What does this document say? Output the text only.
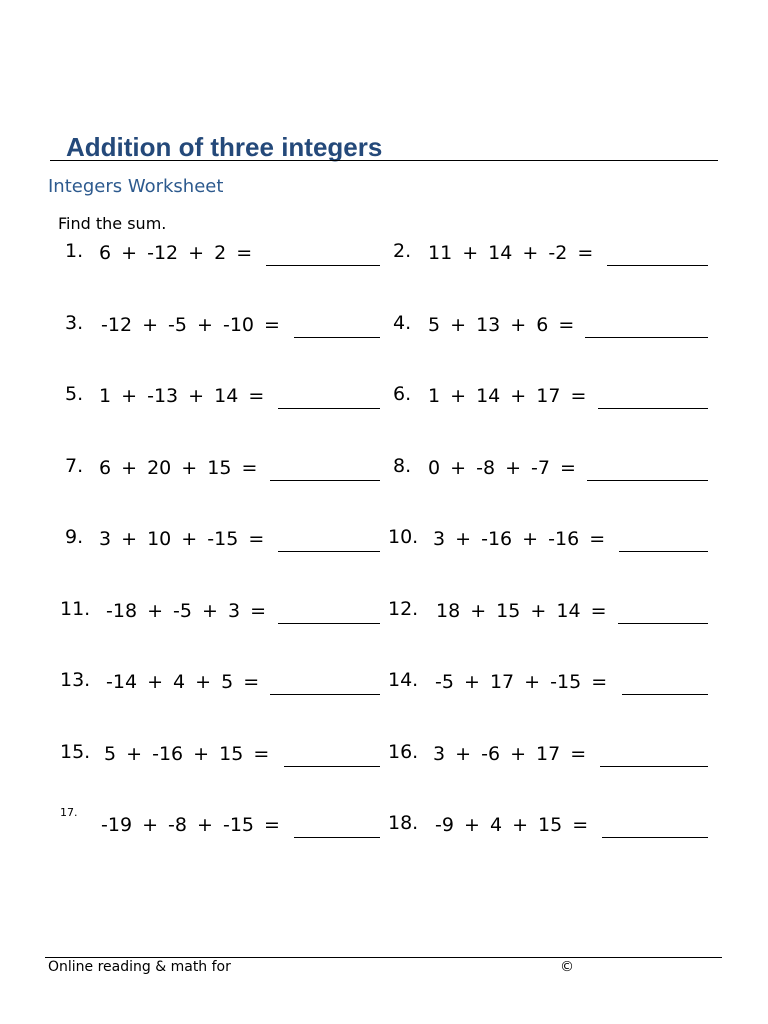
Addition of three integers
Integers Worksheet
Find the sum.
1. 6 + -12 + 2 =
3. -12 + -5 + -10 =
5. 1 + -13 + 14 =
7. 6 + 20 + 15 =
9. 3 + 10 + -15 =
11. -18 + -5 + 3 =
13. -14 + 4 + 5 =
15. 5 + -16 + 15 =
17.
-19 + -8 + -15 =
2. 11 + 14 + -2 =
4. 5 + 13 + 6 =
6. 1 + 14 + 17 =
8. 0 + -8 + -7 =
10. 3 + -16 + -16 =
12. 18 + 15 + 14 =
14. -5 + 17 + -15 =
16. 3 + -6 + 17 =
18. -9 + 4 + 15 =
Online reading & math for	©
